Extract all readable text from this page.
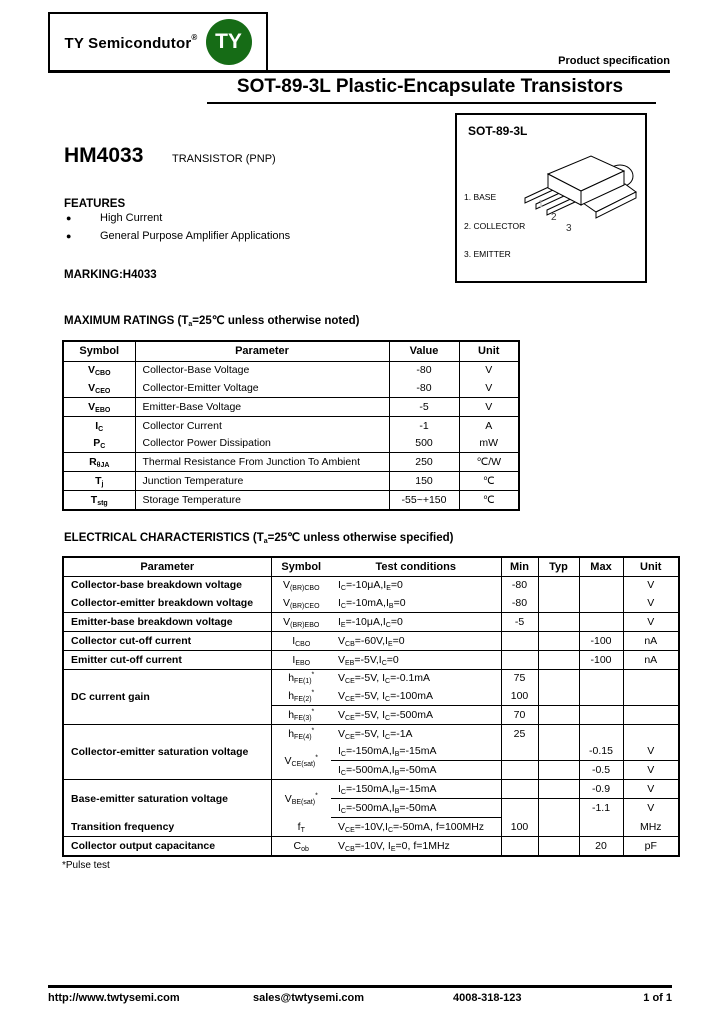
TY Semicondutor® TY
Product specification
SOT-89-3L Plastic-Encapsulate Transistors
HM4033	TRANSISTOR (PNP)
FEATURES
●	High Current
●	General Purpose Amplifier Applications
MARKING:H4033
SOT-89-3L
1. BASE
2. COLLECTOR
3. EMITTER
1
2
3
MAXIMUM RATINGS ($T_a=25℃$ unless otherwise noted)
Symbol	Parameter	Value	Unit
$V_{CBO}$	Collector-Base Voltage	-80	V
$V_{CEO}$	Collector-Emitter Voltage	-80	V
$V_{EBO}$	Emitter-Base Voltage	-5	V
$I_C$	Collector Current	-1	A
$P_C$	Collector Power Dissipation	500	mW
$R_{\theta JA}$	Thermal Resistance From Junction To Ambient	250	℃/W
$T_j$	Junction Temperature	150	℃
$T_{stg}$	Storage Temperature	-55~+150	℃
ELECTRICAL CHARACTERISTICS ($T_a=25℃$ unless otherwise specified)
Parameter	Symbol	Test conditions	Min	Typ	Max	Unit
Collector-base breakdown voltage	$V_{(BR)CBO}$	$I_C=-10\mu A,I_E=0$	-80			V
Collector-emitter breakdown voltage	$V_{(BR)CEO}$	$I_C=-10mA,I_B=0$	-80			V
Emitter-base breakdown voltage	$V_{(BR)EBO}$	$I_E=-10\mu A,I_C=0$	-5			V
Collector cut-off current	$I_{CBO}$	$V_{CB}=-60V,I_E=0$			-100	nA
Emitter cut-off current	$I_{EBO}$	$V_{EB}=-5V,I_C=0$			-100	nA
DC current gain	$h_{FE(1)}^*$	$V_{CE}=-5V$, $I_C=-0.1mA$	75			
	$h_{FE(2)}^*$	$V_{CE}=-5V$, $I_C=-100mA$	100			
	$h_{FE(3)}^*$	$V_{CE}=-5V$, $I_C=-500mA$	70			
Collector-emitter saturation voltage	$h_{FE(4)}^*$	$V_{CE}=-5V$, $I_C=-1A$	25			
	$V_{CE(sat)}^*$	$I_C=-150mA,I_B=-15mA$			-0.15	V
		$I_C=-500mA,I_B=-50mA$			-0.5	V
Base-emitter saturation voltage	$V_{BE(sat)}^*$	$I_C=-150mA,I_B=-15mA$			-0.9	V
		$I_C=-500mA,I_B=-50mA$			-1.1	V
Transition frequency	$f_T$	$V_{CE}=-10V,I_C=-50mA$, f=100MHz	100			MHz
Collector output capacitance	$C_{ob}$	$V_{CB}=-10V$, $I_E=0$, f=1MHz			20	pF
*Pulse test
http://www.twtysemi.com	sales@twtysemi.com	4008-318-123	1 of 1
